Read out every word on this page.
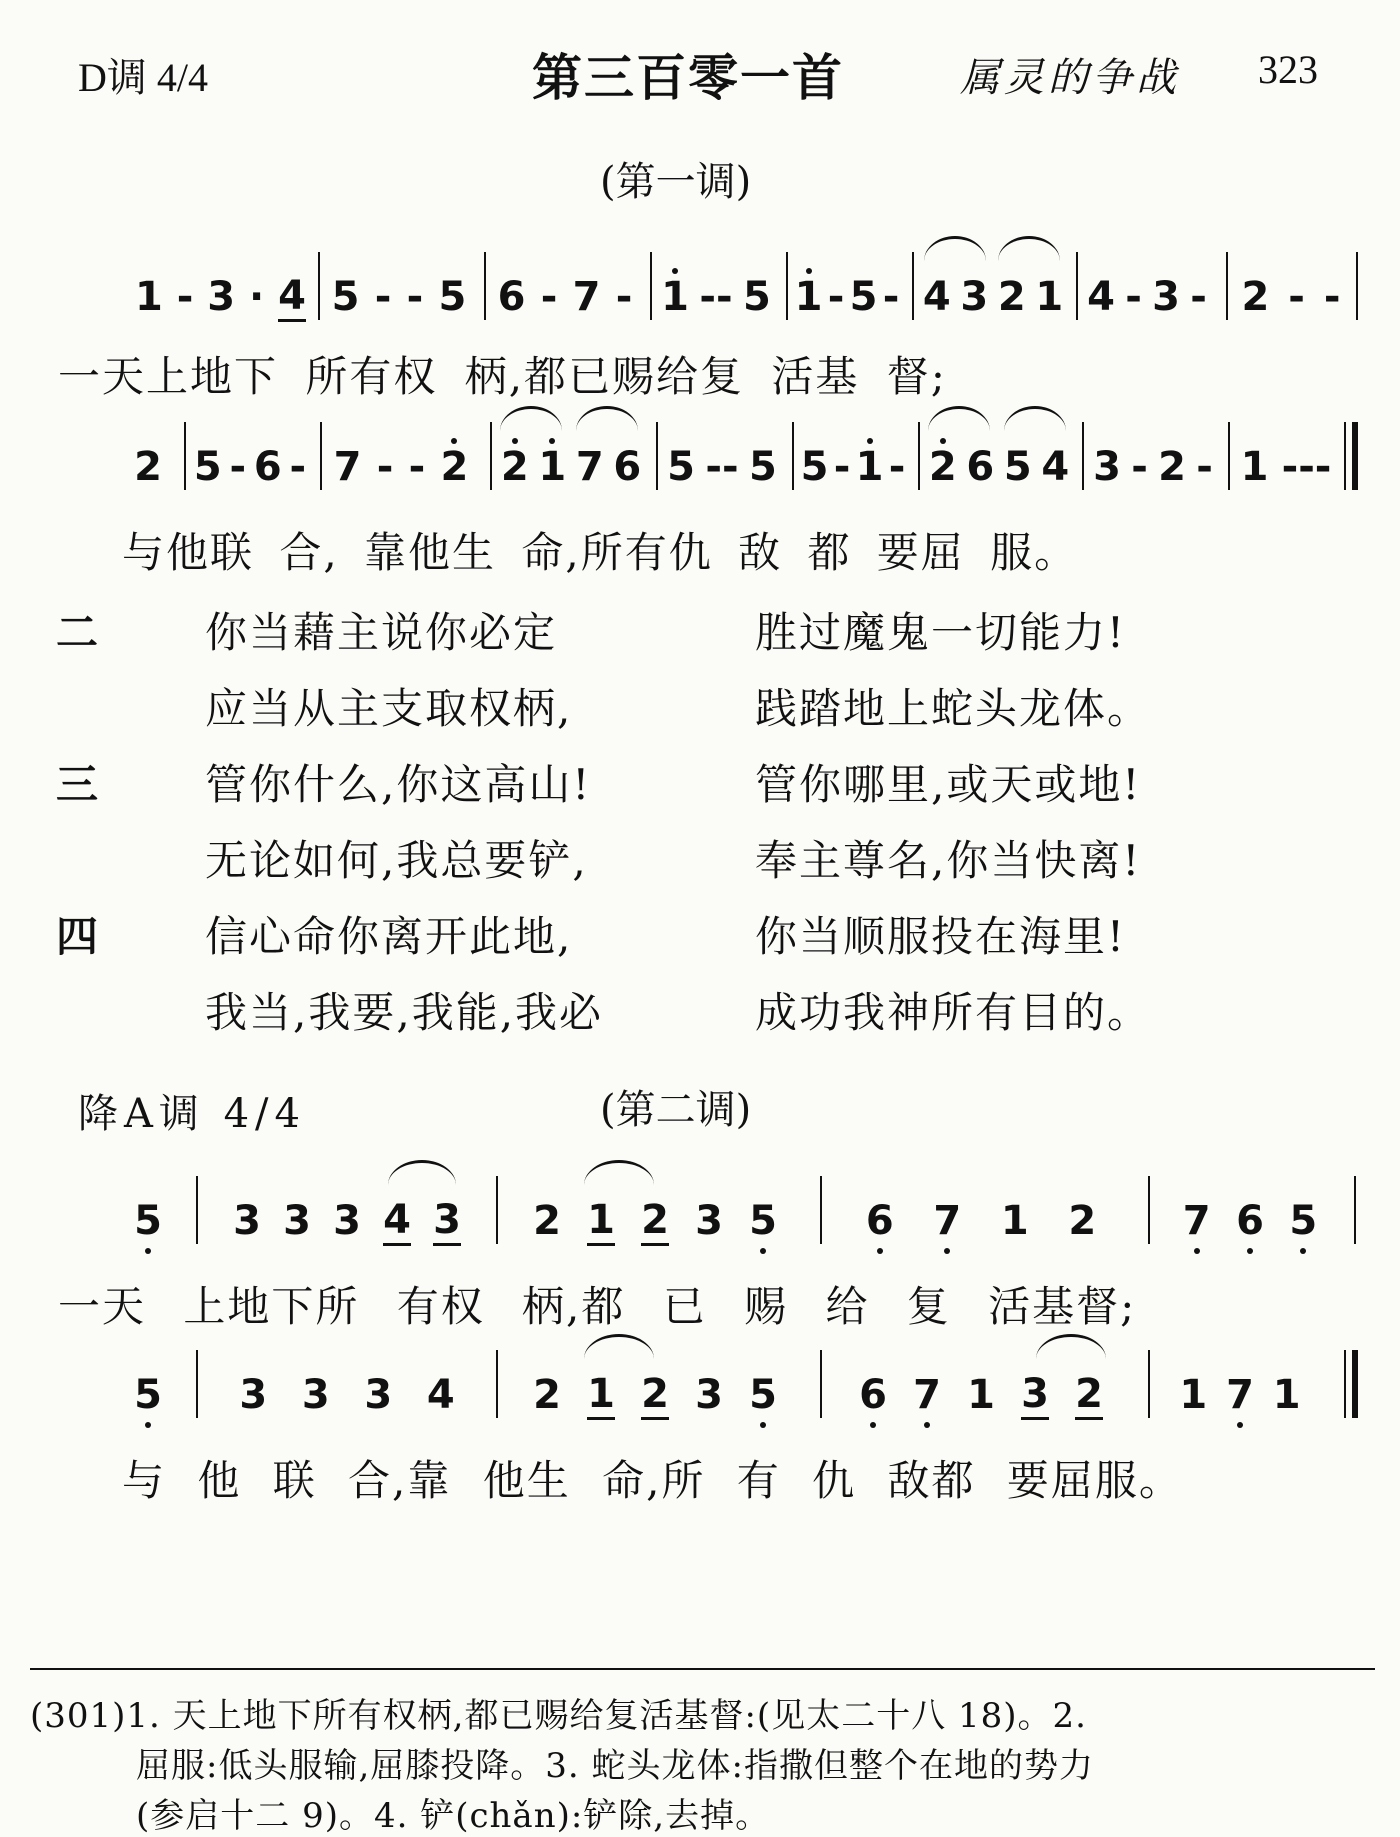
D调 4/4	第三百零一首	属灵的争战 323
(第一调)
1 - 3 · 4 5 - - 5 6 - 7 - 1 -- 5 1 - 5 - 4 3 2 1 4 - 3 - 2 - -
一天上地下 所有权 柄,都已赐给复 活基 督;
2 5 - 6 - 7 - - 2 2 1 7 6 5 -- 5 5 - 1 - 2 6 5 4 3 - 2 - 1 ---
与他联 合, 靠他生 命,所有仇 敌 都 要屈 服。
二	你当藉主说你必定	胜过魔鬼一切能力!
应当从主支取权柄,	践踏地上蛇头龙体。
三	管你什么,你这高山!	管你哪里,或天或地!
无论如何,我总要铲,	奉主尊名,你当快离!
四	信心命你离开此地,	你当顺服投在海里!
我当,我要,我能,我必	成功我神所有目的。
降A调 4/4	(第二调)
5 3 3 3 4 3 2 1 2 3 5 6 7 1 2 7 6 5
一天 上地下所 有权 柄,都 已 赐 给 复 活基督;
5 3 3 3 4 2 1 2 3 5 6 7 1 3 2 1 7 1
与 他 联 合,靠 他生 命,所 有 仇 敌都 要屈服。
(301)1. 天上地下所有权柄,都已赐给复活基督:(见太二十八 18)。2.
屈服:低头服输,屈膝投降。3. 蛇头龙体:指撒但整个在地的势力
(参启十二 9)。4. 铲(chǎn):铲除,去掉。
